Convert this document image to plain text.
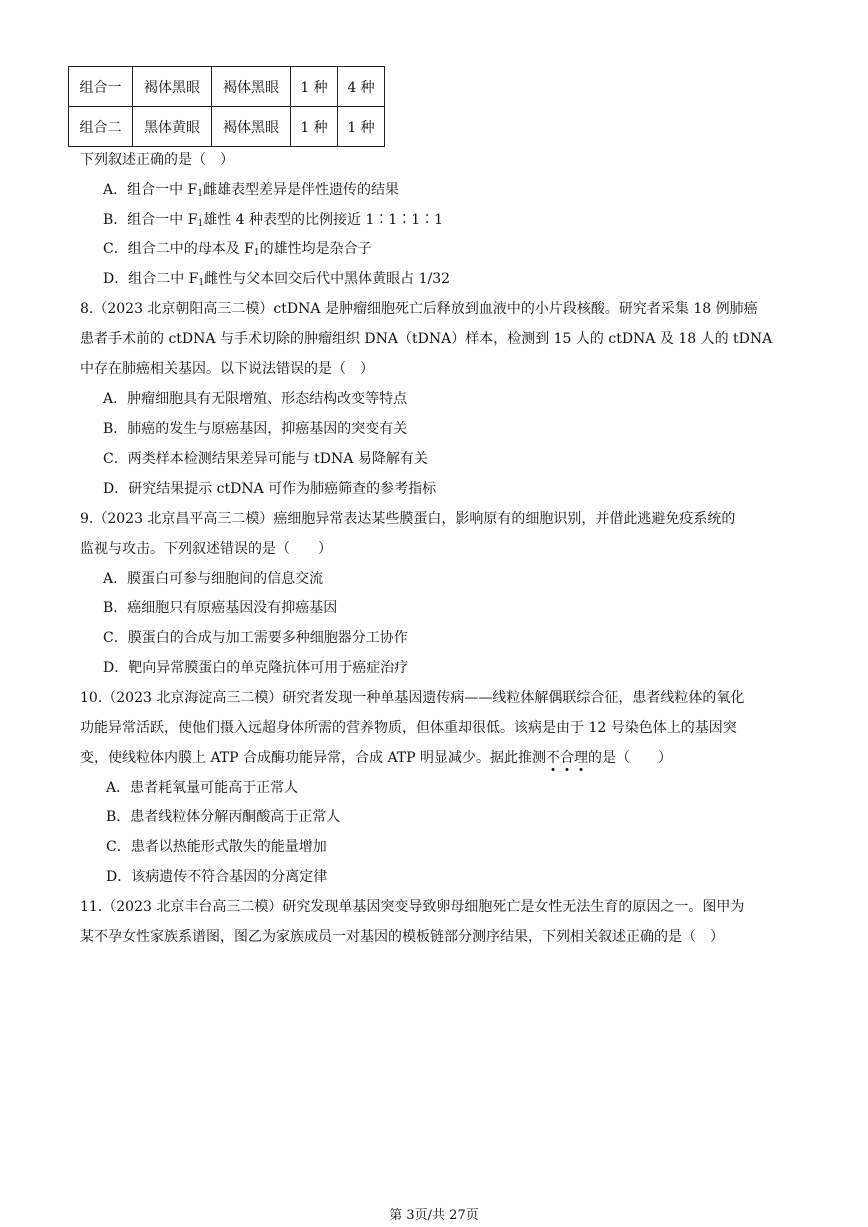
组合一	褐体黑眼	褐体黑眼	1 种	4 种
组合二	黑体黄眼	褐体黑眼	1 种	1 种
下列叙述正确的是（　）
A．组合一中 $F_1$雌雄表型差异是伴性遗传的结果
B．组合一中 $F_1$雄性 4 种表型的比例接近 1∶1∶1∶1
C．组合二中的母本及 $F_1$的雄性均是杂合子
D．组合二中 $F_1$雌性与父本回交后代中黑体黄眼占 1/32
8.（2023 北京朝阳高三二模）ctDNA 是肿瘤细胞死亡后释放到血液中的小片段核酸。研究者采集 18 例肺癌
患者手术前的 ctDNA 与手术切除的肿瘤组织 DNA（tDNA）样本，检测到 15 人的 ctDNA 及 18 人的 tDNA
中存在肺癌相关基因。以下说法错误的是（　）
A．肿瘤细胞具有无限增殖、形态结构改变等特点
B．肺癌的发生与原癌基因，抑癌基因的突变有关
C．两类样本检测结果差异可能与 tDNA 易降解有关
D．研究结果提示 ctDNA 可作为肺癌筛查的参考指标
9.（2023 北京昌平高三二模）癌细胞异常表达某些膜蛋白，影响原有的细胞识别，并借此逃避免疫系统的
监视与攻击。下列叙述错误的是（　　）
A．膜蛋白可参与细胞间的信息交流
B．癌细胞只有原癌基因没有抑癌基因
C．膜蛋白的合成与加工需要多种细胞器分工协作
D．靶向异常膜蛋白的单克隆抗体可用于癌症治疗
10.（2023 北京海淀高三二模）研究者发现一种单基因遗传病——线粒体解偶联综合征，患者线粒体的氧化
功能异常活跃，使他们摄入远超身体所需的营养物质，但体重却很低。该病是由于 12 号染色体上的基因突
变，使线粒体内膜上 ATP 合成酶功能异常，合成 ATP 明显减少。据此推测不合理的是（　　）
A．患者耗氧量可能高于正常人
B．患者线粒体分解丙酮酸高于正常人
C．患者以热能形式散失的能量增加
D．该病遗传不符合基因的分离定律
11.（2023 北京丰台高三二模）研究发现单基因突变导致卵母细胞死亡是女性无法生育的原因之一。图甲为
某不孕女性家族系谱图，图乙为家族成员一对基因的模板链部分测序结果，下列相关叙述正确的是（　）
第 3页/共 27页
